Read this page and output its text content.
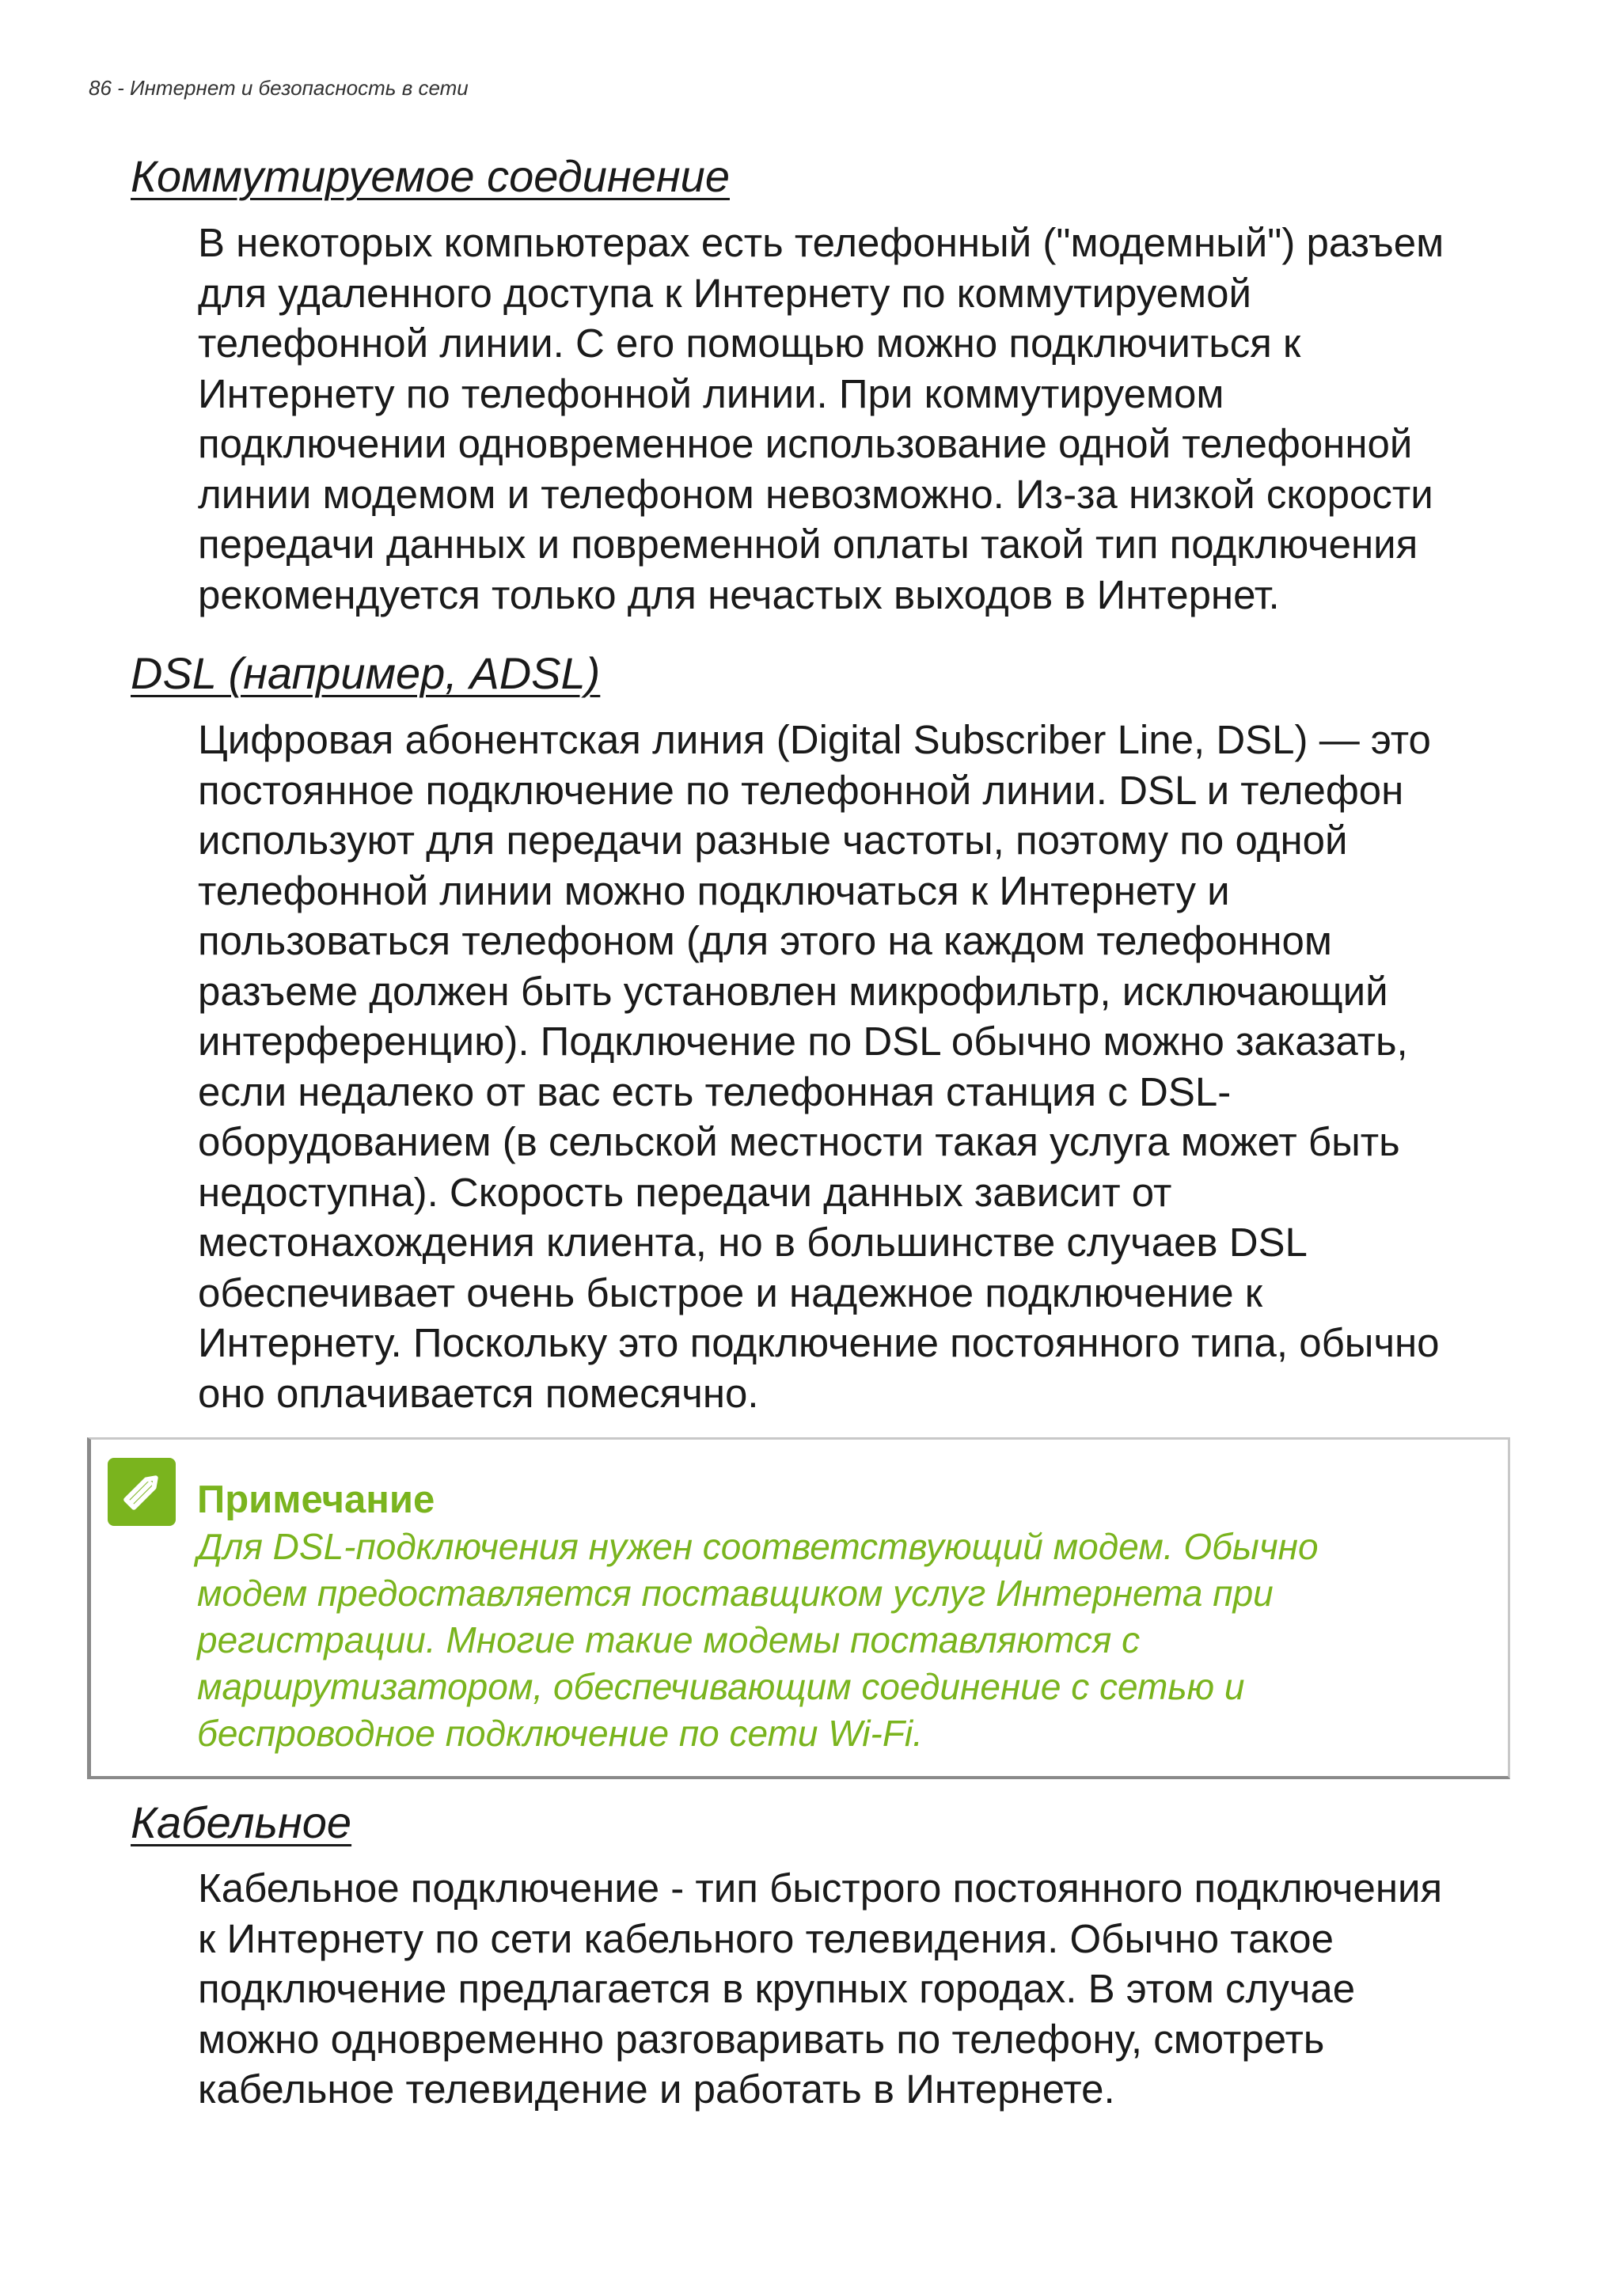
86 - Интернет и безопасность в сети
Коммутируемое соединение

В некоторых компьютерах есть телефонный ("модемный") разъем
для удаленного доступа к Интернету по коммутируемой
телефонной линии. С его помощью можно подключиться к
Интернету по телефонной линии. При коммутируемом
подключении одновременное использование одной телефонной
линии модемом и телефоном невозможно. Из-за низкой скорости
передачи данных и повременной оплаты такой тип подключения
рекомендуется только для нечастых выходов в Интернет.

DSL (например, ADSL)

Цифровая абонентская линия (Digital Subscriber Line, DSL) — это
постоянное подключение по телефонной линии. DSL и телефон
используют для передачи разные частоты, поэтому по одной
телефонной линии можно подключаться к Интернету и
пользоваться телефоном (для этого на каждом телефонном
разъеме должен быть установлен микрофильтр, исключающий
интерференцию). Подключение по DSL обычно можно заказать,
если недалеко от вас есть телефонная станция с DSL-
оборудованием (в сельской местности такая услуга может быть
недоступна). Скорость передачи данных зависит от
местонахождения клиента, но в большинстве случаев DSL
обеспечивает очень быстрое и надежное подключение к
Интернету. Поскольку это подключение постоянного типа, обычно
оно оплачивается помесячно.

Примечание

Для DSL-подключения нужен соответствующий модем. Обычно
модем предоставляется поставщиком услуг Интернета при
регистрации. Многие такие модемы поставляются с
маршрутизатором, обеспечивающим соединение с сетью и
беспроводное подключение по сети Wi-Fi.

Кабельное

Кабельное подключение - тип быстрого постоянного подключения
к Интернету по сети кабельного телевидения. Обычно такое
подключение предлагается в крупных городах. В этом случае
можно одновременно разговаривать по телефону, смотреть
кабельное телевидение и работать в Интернете.
